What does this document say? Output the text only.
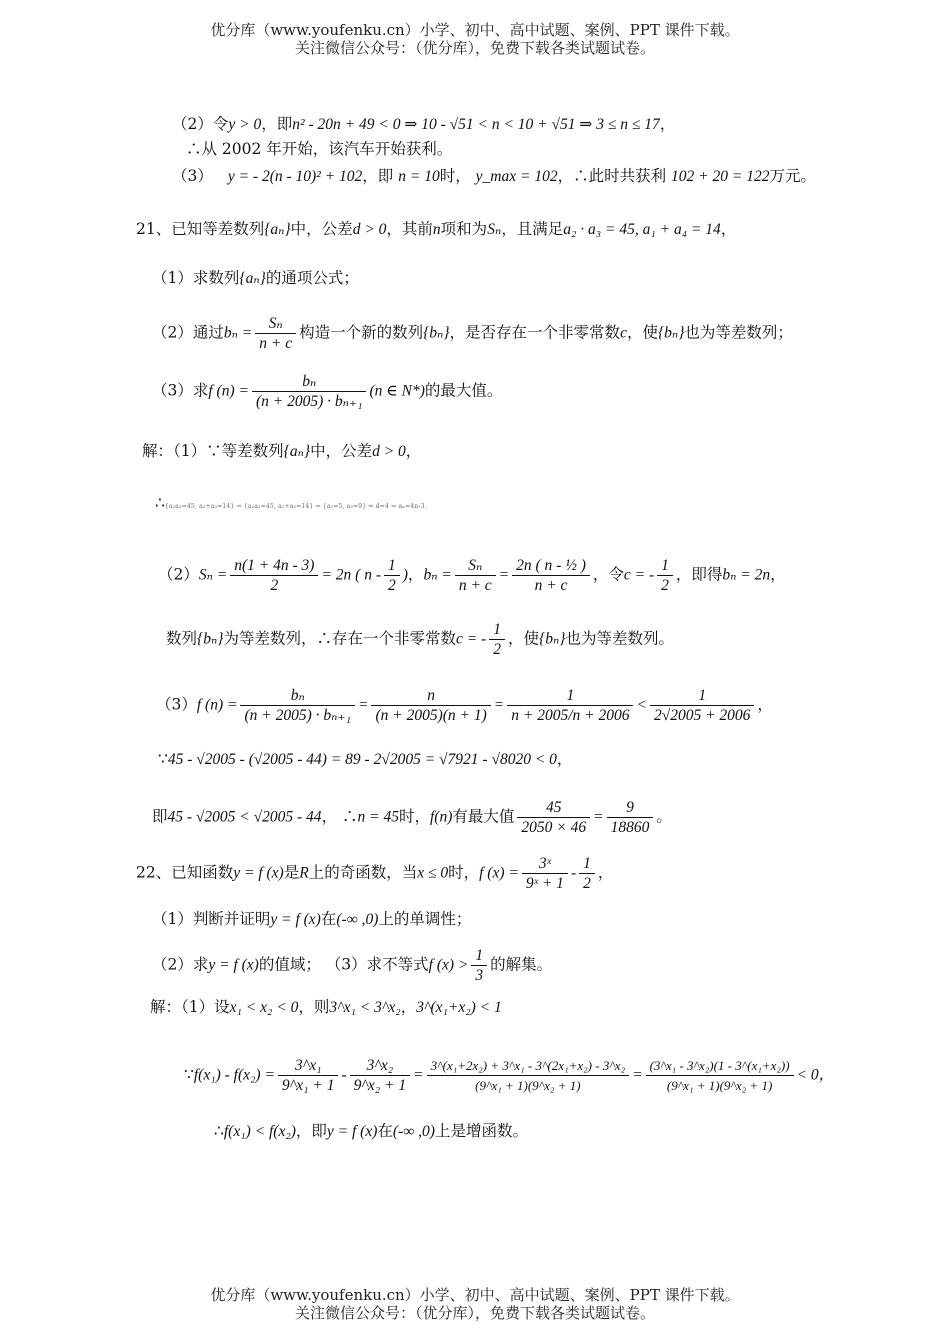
优分库（www.youfenku.cn）小学、初中、高中试题、案例、PPT 课件下载。
关注微信公众号：（优分库），免费下载各类试题试卷。
（2）令y > 0，即n² - 20n + 49 < 0 ⇒ 10 - √51 < n < 10 + √51 ⇒ 3 ≤ n ≤ 17，
∴从 2002 年开始，该汽车开始获利。
（3） y = - 2(n - 10)² + 102，即 n = 10时， y_max = 102，∴此时共获利 102 + 20 = 122万元。
21、已知等差数列{aₙ}中，公差d > 0，其前n项和为Sₙ，且满足a₂ · a₃ = 45, a₁ + a₄ = 14，
（1）求数列{aₙ}的通项公式；
（2）通过$b_n = \frac{\text{Sₙ}}{n + c}$ 构造一个新的数列{bₙ}，是否存在一个非零常数c，使{bₙ}也为等差数列；
（3）求f $(n) = \frac{\text{bₙ}}{\text{(n + 2005) · bₙ₊₁}} (n$ ∈ N*)的最大值。
解：（1）∵等差数列{aₙ}中，公差d > 0，
∴{a₂a₃=45, a₂+a₃=14} ⇒ {a₂a₃=45, a₂+a₃=14} ⇒ {a₂=5, a₃=9} ⇒ d=4 ⇒ aₙ=4n-3。
$(2)S_n = \frac{n(1 + 4n - 3)}{2} = 2n$ ( n - $\frac{1}{2}$ )，$b_n = \frac{\text{Sₙ}}{n + c} = \frac{\text{2n ( n - ½ )}}{n + c}$ ，令c = - $\frac{1}{2}$ ，即得bₙ = 2n，
数列{bₙ}为等差数列，∴存在一个非零常数c = - $\frac{1}{2}$ ，使{bₙ}也为等差数列。
（3）f $(n) = \frac{\text{bₙ}}{\text{(n + 2005) · bₙ₊₁}} = \frac{n}{(n + 2005)(n + 1)} = \frac{1}{n + 2005/n + 2006} < \frac{1}{2√2005 + 2006}$ ，
∵45 - √2005 - (√2005 - 44) = 89 - 2√2005 = √7921 - √8020 < 0，
即45 - √2005 < √2005 - 44， ∴n = 45时，f(n)有最大值 $\frac{45}{2050 \times 46} = \frac{9}{18860}$ 。
22、已知函数y = f (x)是R上的奇函数，当x ≤ 0时，f $(x) = \frac{\text{3ˣ}}{\text{9ˣ + 1}} - \frac{1}{2}$ ，
（1）判断并证明y = f (x)在(-∞ ,0)上的单调性；
（2）求y = f (x)的值域； （3）求不等式f $(x) > \frac{1}{3}$ 的解集。
解：（1）设x₁ < x₂ < 0，则3^x₁ < 3^x₂，3^(x₁+x₂) < 1
∵f(x₁) - $f(x_2) = \frac{\text{3\textasciicircum{}x₁}}{\text{9\textasciicircum{}x₁ + 1}} - \frac{\text{3\textasciicircum{}x₂}}{\text{9\textasciicircum{}x₂ + 1}} = \frac{\text{3\textasciicircum{}(x₁+2x₂) + 3\textasciicircum{}x₁ - 3\textasciicircum{}(2x₁+x₂) - 3\textasciicircum{}x₂}}{\text{(9\textasciicircum{}x₁ + 1)(9\textasciicircum{}x₂ + 1)}} = \frac{\text{(3\textasciicircum{}x₁ - 3\textasciicircum{}x₂)(1 - 3\textasciicircum{}(x₁+x₂))}}{\text{(9\textasciicircum{}x₁ + 1)(9\textasciicircum{}x₂ + 1)}} < 0$，
∴f(x₁) < f(x₂)，即y = f (x)在(-∞ ,0)上是增函数。
优分库（www.youfenku.cn）小学、初中、高中试题、案例、PPT 课件下载。
关注微信公众号：（优分库），免费下载各类试题试卷。
